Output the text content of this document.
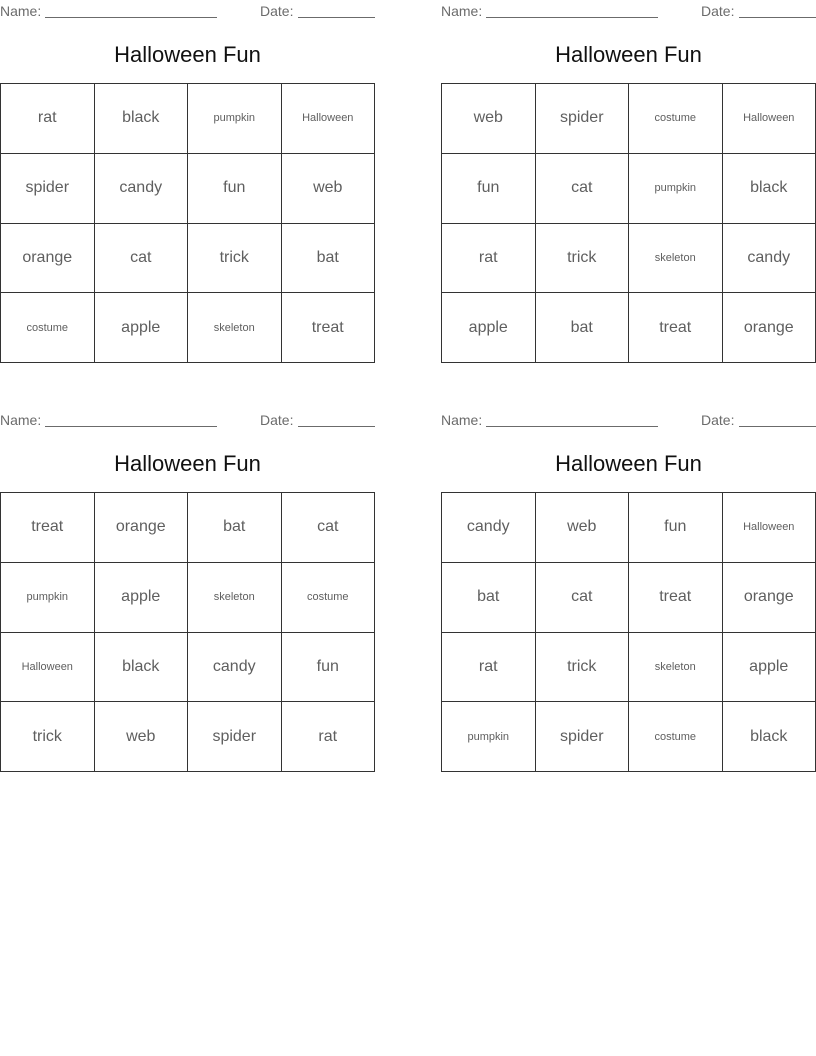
Name:	Date:
Halloween Fun
rat	black	pumpkin	Halloween
spider	candy	fun	web
orange	cat	trick	bat
costume	apple	skeleton	treat
Name:	Date:
Halloween Fun
web	spider	costume	Halloween
fun	cat	pumpkin	black
rat	trick	skeleton	candy
apple	bat	treat	orange
Name:	Date:
Halloween Fun
treat	orange	bat	cat
pumpkin	apple	skeleton	costume
Halloween	black	candy	fun
trick	web	spider	rat
Name:	Date:
Halloween Fun
candy	web	fun	Halloween
bat	cat	treat	orange
rat	trick	skeleton	apple
pumpkin	spider	costume	black
